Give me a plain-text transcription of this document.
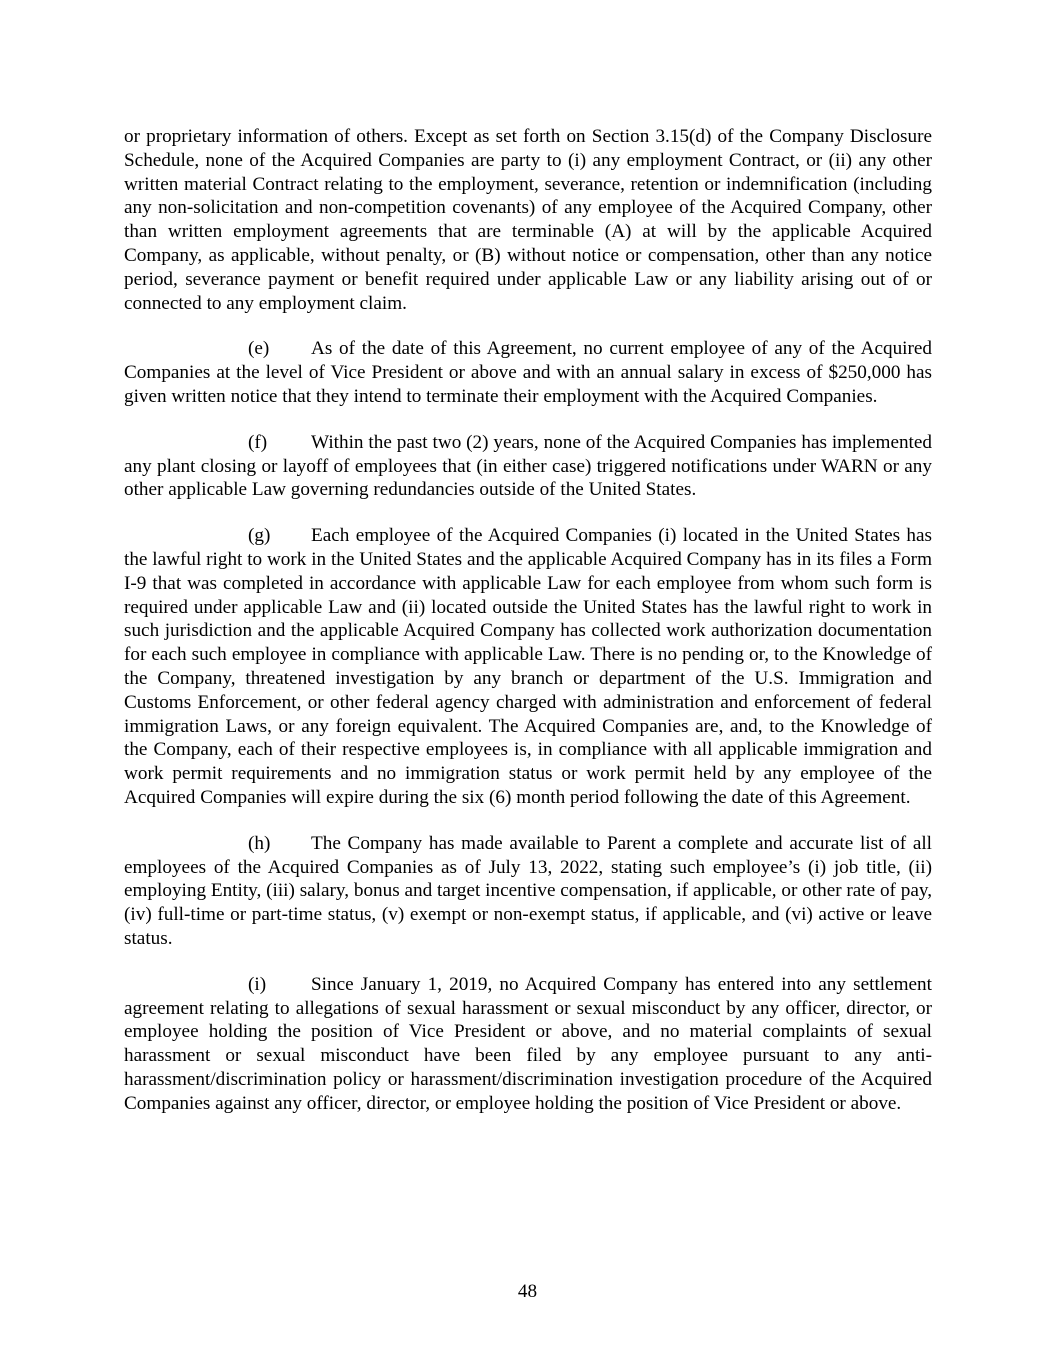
or proprietary information of others. Except as set forth on Section 3.15(d) of the Company Disclosure Schedule, none of the Acquired Companies are party to (i) any employment Contract, or (ii) any other written material Contract relating to the employment, severance, retention or indemnification (including any non-solicitation and non-competition covenants) of any employee of the Acquired Company, other than written employment agreements that are terminable (A) at will by the applicable Acquired Company, as applicable, without penalty, or (B) without notice or compensation, other than any notice period, severance payment or benefit required under applicable Law or any liability arising out of or connected to any employment claim.

(e) As of the date of this Agreement, no current employee of any of the Acquired Companies at the level of Vice President or above and with an annual salary in excess of $250,000 has given written notice that they intend to terminate their employment with the Acquired Companies.

(f) Within the past two (2) years, none of the Acquired Companies has implemented any plant closing or layoff of employees that (in either case) triggered notifications under WARN or any other applicable Law governing redundancies outside of the United States.

(g) Each employee of the Acquired Companies (i) located in the United States has the lawful right to work in the United States and the applicable Acquired Company has in its files a Form I-9 that was completed in accordance with applicable Law for each employee from whom such form is required under applicable Law and (ii) located outside the United States has the lawful right to work in such jurisdiction and the applicable Acquired Company has collected work authorization documentation for each such employee in compliance with applicable Law. There is no pending or, to the Knowledge of the Company, threatened investigation by any branch or department of the U.S. Immigration and Customs Enforcement, or other federal agency charged with administration and enforcement of federal immigration Laws, or any foreign equivalent. The Acquired Companies are, and, to the Knowledge of the Company, each of their respective employees is, in compliance with all applicable immigration and work permit requirements and no immigration status or work permit held by any employee of the Acquired Companies will expire during the six (6) month period following the date of this Agreement.

(h) The Company has made available to Parent a complete and accurate list of all employees of the Acquired Companies as of July 13, 2022, stating such employee’s (i) job title, (ii) employing Entity, (iii) salary, bonus and target incentive compensation, if applicable, or other rate of pay, (iv) full-time or part-time status, (v) exempt or non-exempt status, if applicable, and (vi) active or leave status.

(i) Since January 1, 2019, no Acquired Company has entered into any settlement agreement relating to allegations of sexual harassment or sexual misconduct by any officer, director, or employee holding the position of Vice President or above, and no material complaints of sexual harassment or sexual misconduct have been filed by any employee pursuant to any anti-harassment/discrimination policy or harassment/discrimination investigation procedure of the Acquired Companies against any officer, director, or employee holding the position of Vice President or above.

48
